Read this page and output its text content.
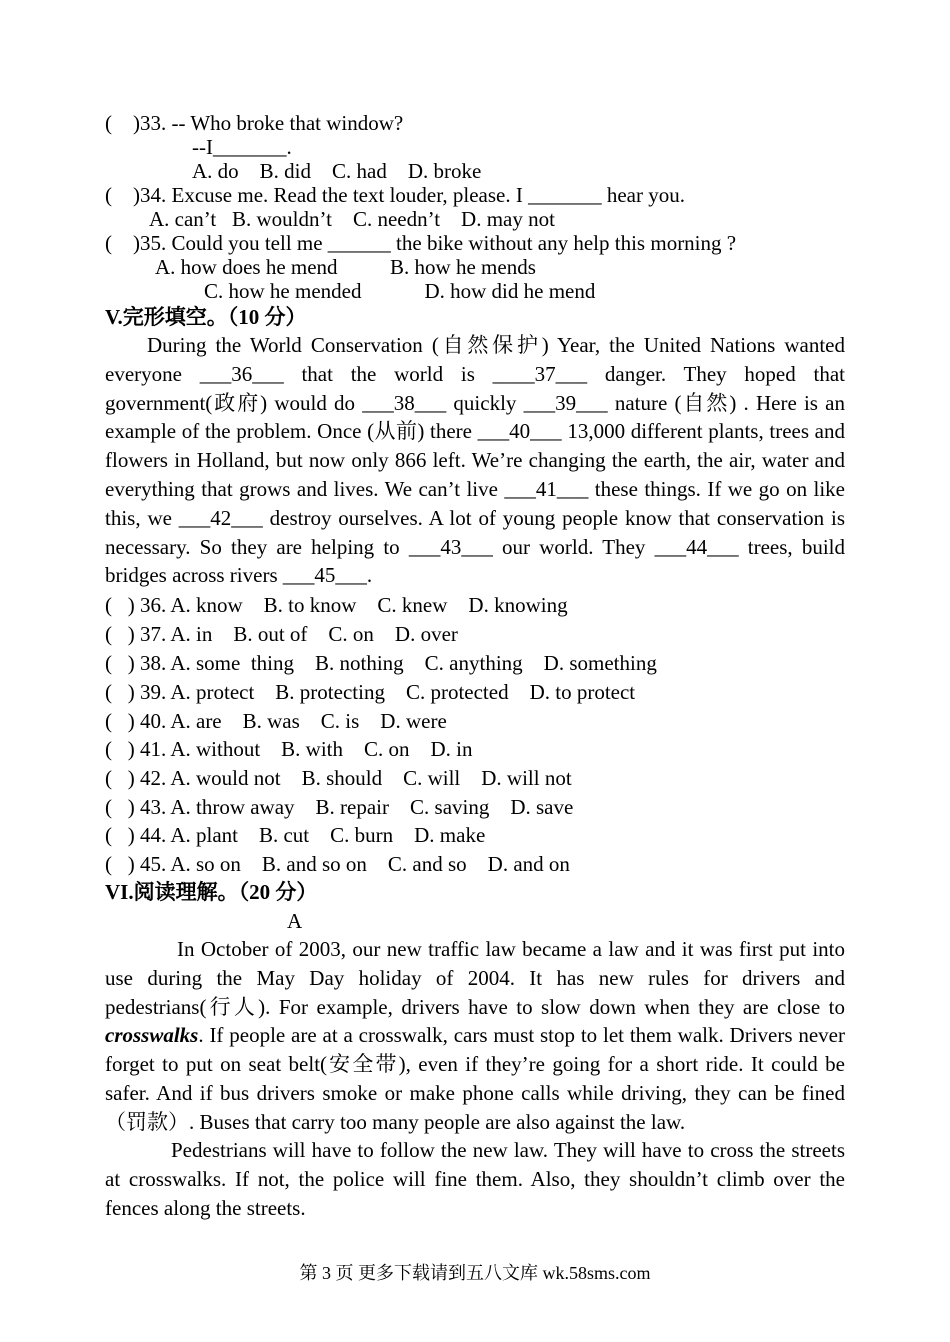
(    )33. -- Who broke that window?
--I_______.
A. do    B. did    C. had    D. broke
(    )34. Excuse me. Read the text louder, please. I _______ hear you.
A. can’t   B. wouldn’t    C. needn’t    D. may not
(    )35. Could you tell me ______ the bike without any help this morning ?
A. how does he mend          B. how he mends
C. how he mended            D. how did he mend
V.完形填空。（10 分）
During the World Conservation (自然保护) Year, the United Nations wanted everyone ___36___ that the world is ____37___ danger. They hoped that government(政府) would do ___38___ quickly ___39___ nature (自然) . Here is an example of the problem. Once (从前) there ___40___ 13,000 different plants, trees and flowers in Holland, but now only 866 left. We’re changing the earth, the air, water and everything that grows and lives. We can’t live ___41___ these things. If we go on like this, we ___42___ destroy ourselves. A lot of young people know that conservation is necessary. So they are helping to ___43___ our world. They ___44___ trees, build bridges across rivers ___45___.
(   ) 36. A. know    B. to know    C. knew    D. knowing
(   ) 37. A. in    B. out of    C. on    D. over
(   ) 38. A. some  thing    B. nothing    C. anything    D. something
(   ) 39. A. protect    B. protecting    C. protected    D. to protect
(   ) 40. A. are    B. was    C. is    D. were
(   ) 41. A. without    B. with    C. on    D. in
(   ) 42. A. would not    B. should    C. will    D. will not
(   ) 43. A. throw away    B. repair    C. saving    D. save
(   ) 44. A. plant    B. cut    C. burn    D. make
(   ) 45. A. so on    B. and so on    C. and so    D. and on
VI.阅读理解。（20 分）
A
In October of 2003, our new traffic law became a law and it was first put into use during the May Day holiday of 2004. It has new rules for drivers and pedestrians(行人). For example, drivers have to slow down when they are close to crosswalks. If people are at a crosswalk, cars must stop to let them walk. Drivers never forget to put on seat belt(安全带), even if they’re going for a short ride. It could be safer. And if bus drivers smoke or make phone calls while driving, they can be fined（罚款）. Buses that carry too many people are also against the law.
Pedestrians will have to follow the new law. They will have to cross the streets at crosswalks. If not, the police will fine them. Also, they shouldn’t climb over the fences along the streets.
第 3 页 更多下载请到五八文库 wk.58sms.com
